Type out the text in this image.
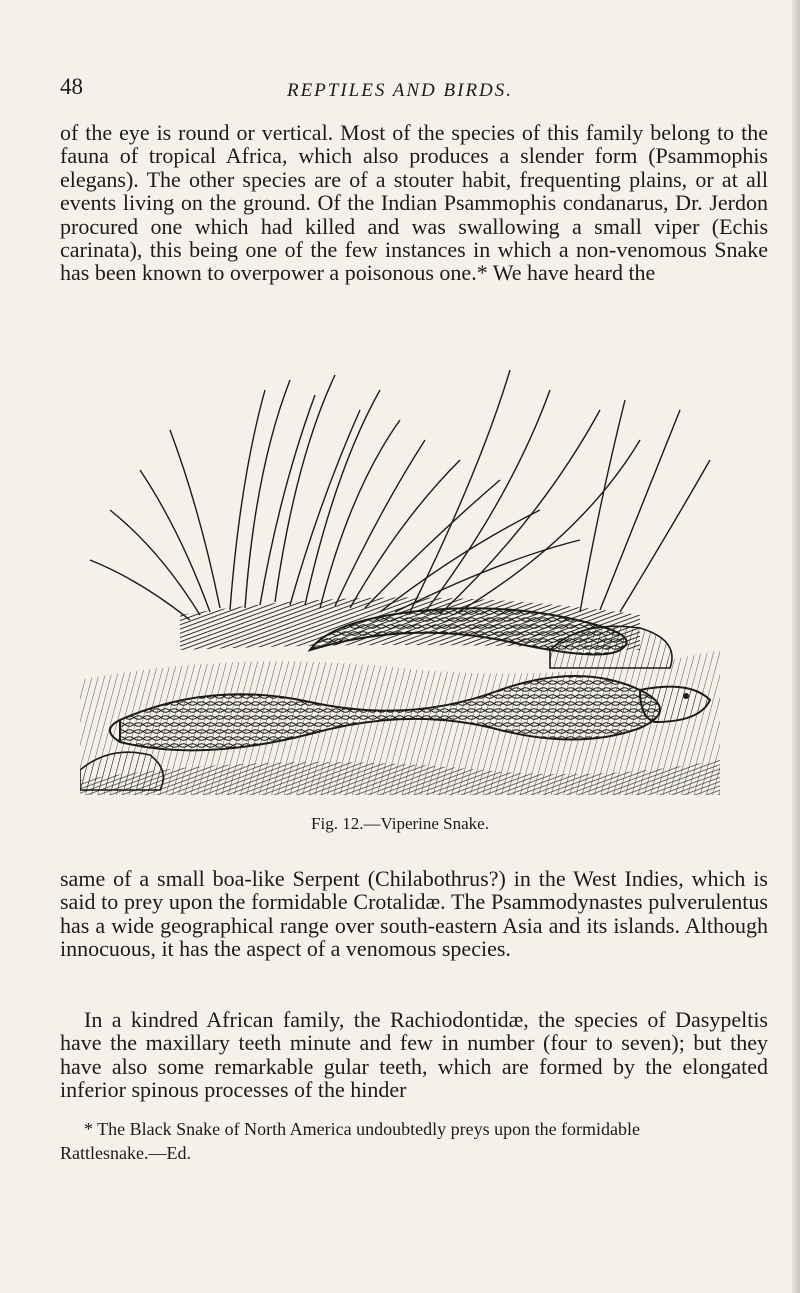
48	REPTILES AND BIRDS.

of the eye is round or vertical. Most of the species of this family belong to the fauna of tropical Africa, which also produces a slender form (Psammophis elegans). The other species are of a stouter habit, frequenting plains, or at all events living on the ground. Of the Indian Psammophis condanarus, Dr. Jerdon procured one which had killed and was swallowing a small viper (Echis carinata), this being one of the few instances in which a non-venomous Snake has been known to overpower a poisonous one.* We have heard the

Fig. 12.—Viperine Snake.

same of a small boa-like Serpent (Chilabothrus?) in the West Indies, which is said to prey upon the formidable Crotalidæ. The Psammodynastes pulverulentus has a wide geographical range over south-eastern Asia and its islands. Although innocuous, it has the aspect of a venomous species.

In a kindred African family, the Rachiodontidæ, the species of Dasypeltis have the maxillary teeth minute and few in number (four to seven); but they have also some remarkable gular teeth, which are formed by the elongated inferior spinous processes of the hinder

* The Black Snake of North America undoubtedly preys upon the formidable
Rattlesnake.—Ed.
